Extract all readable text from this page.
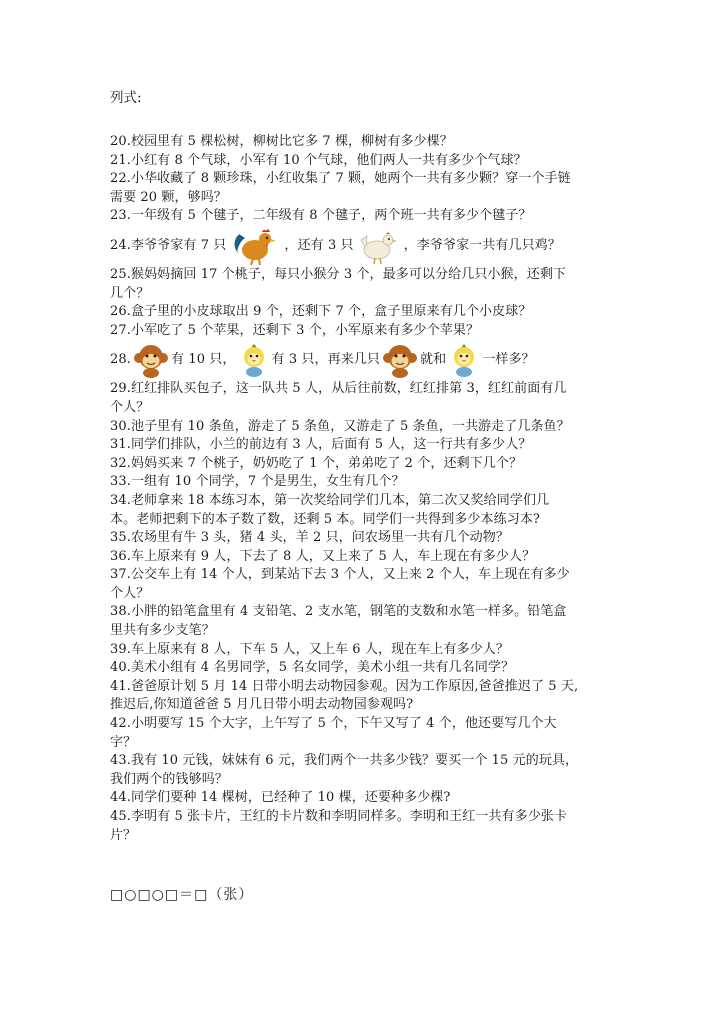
列式:
20.校园里有 5 棵松树，柳树比它多 7 棵，柳树有多少棵？
21.小红有 8 个气球，小军有 10 个气球，他们两人一共有多少个气球？
22.小华收藏了 8 颗珍珠，小红收集了 7 颗，她两个一共有多少颗？穿一个手链
需要 20 颗，够吗？
23.一年级有 5 个毽子，二年级有 8 个毽子，两个班一共有多少个毽子？
24.李爷爷家有 7 只	，还有 3 只	，李爷爷家一共有几只鸡？
25.猴妈妈摘回 17 个桃子，每只小猴分 3 个，最多可以分给几只小猴，还剩下
几个？
26.盒子里的小皮球取出 9 个，还剩下 7 个，盒子里原来有几个小皮球？
27.小军吃了 5 个苹果，还剩下 3 个，小军原来有多少个苹果？
28.	有 10 只，	有 3 只，再来几只	就和	一样多？
29.红红排队买包子，这一队共 5 人，从后往前数，红红排第 3，红红前面有几
个人？
30.池子里有 10 条鱼，游走了 5 条鱼，又游走了 5 条鱼，一共游走了几条鱼？
31.同学们排队，小兰的前边有 3 人，后面有 5 人，这一行共有多少人？
32.妈妈买来 7 个桃子，奶奶吃了 1 个，弟弟吃了 2 个，还剩下几个？
33.一组有 10 个同学，7 个是男生，女生有几个？
34.老师拿来 18 本练习本，第一次奖给同学们几本，第二次又奖给同学们几
本。老师把剩下的本子数了数，还剩 5 本。同学们一共得到多少本练习本?
35.农场里有牛 3 头，猪 4 头，羊 2 只，问农场里一共有几个动物？
36.车上原来有 9 人，下去了 8 人，又上来了 5 人，车上现在有多少人？
37.公交车上有 14 个人，到某站下去 3 个人，又上来 2 个人，车上现在有多少
个人？
38.小胖的铅笔盒里有 4 支铅笔、2 支水笔，钢笔的支数和水笔一样多。铅笔盒
里共有多少支笔？
39.车上原来有 8 人，下车 5 人，又上车 6 人，现在车上有多少人？
40.美术小组有 4 名男同学，5 名女同学，美术小组一共有几名同学？
41.爸爸原计划 5 月 14 日带小明去动物园参观。因为工作原因,爸爸推迟了 5 天,
推迟后,你知道爸爸 5 月几日带小明去动物园参观吗?
42.小明要写 15 个大字，上午写了 5 个，下午又写了 4 个，他还要写几个大
字？
43.我有 10 元钱，妹妹有 6 元，我们两个一共多少钱？要买一个 15 元的玩具，
我们两个的钱够吗？
44.同学们要种 14 棵树，已经种了 10 棵，还要种多少棵?
45.李明有 5 张卡片，王红的卡片数和李明同样多。李明和王红一共有多少张卡
片？
□○□○□＝□（张）
